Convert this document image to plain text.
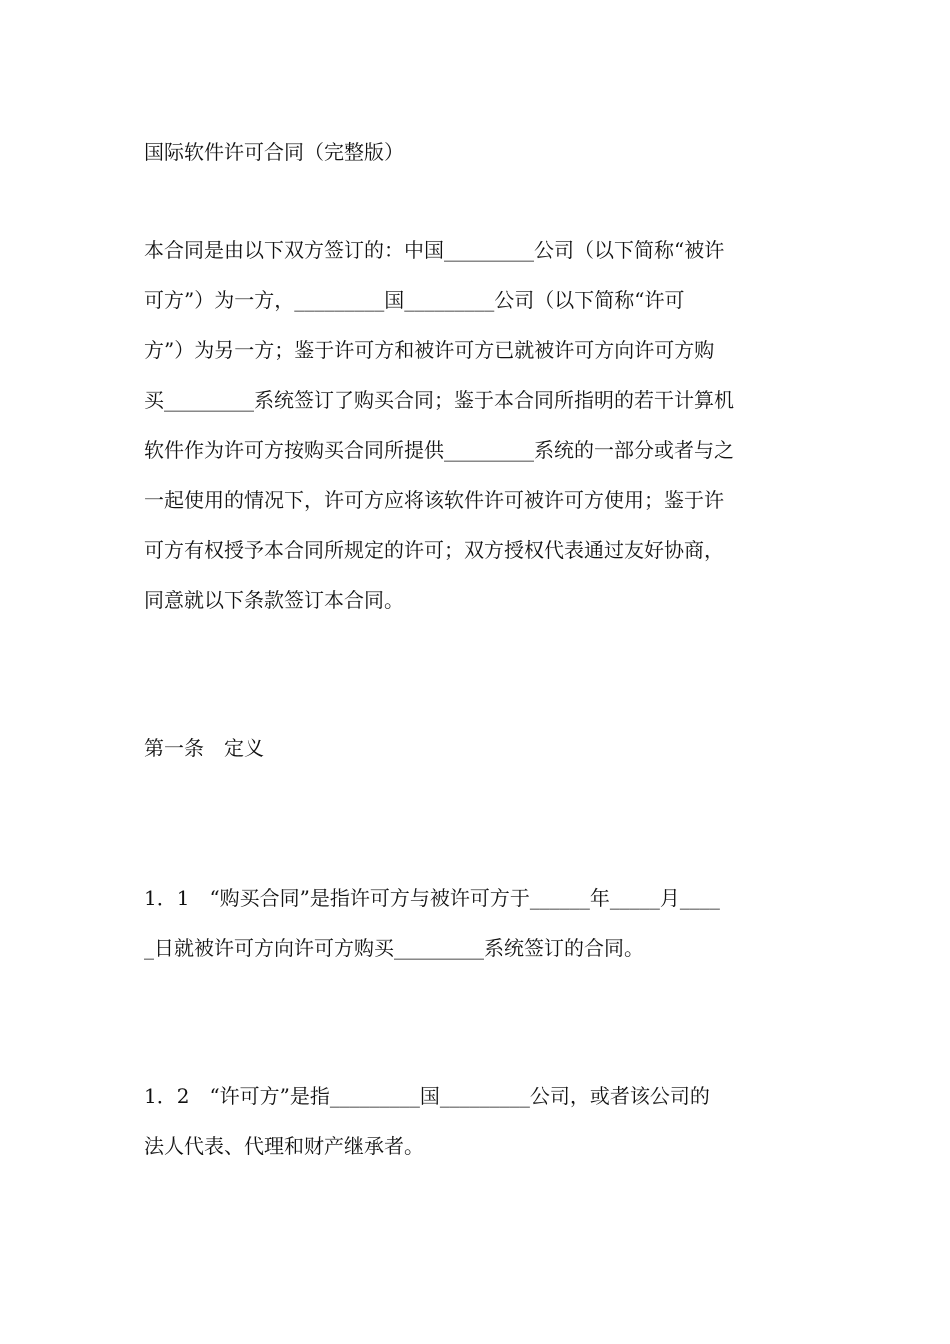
国际软件许可合同（完整版）
本合同是由以下双方签订的：中国_________公司（以下简称“被许
可方”）为一方，_________国_________公司（以下简称“许可
方”）为另一方；鉴于许可方和被许可方已就被许可方向许可方购
买_________系统签订了购买合同；鉴于本合同所指明的若干计算机
软件作为许可方按购买合同所提供_________系统的一部分或者与之
一起使用的情况下，许可方应将该软件许可被许可方使用；鉴于许
可方有权授予本合同所规定的许可；双方授权代表通过友好协商，
同意就以下条款签订本合同。
第一条　定义
1．1　“购买合同”是指许可方与被许可方于______年_____月____
_日就被许可方向许可方购买_________系统签订的合同。
1．2　“许可方”是指_________国_________公司，或者该公司的
法人代表、代理和财产继承者。
